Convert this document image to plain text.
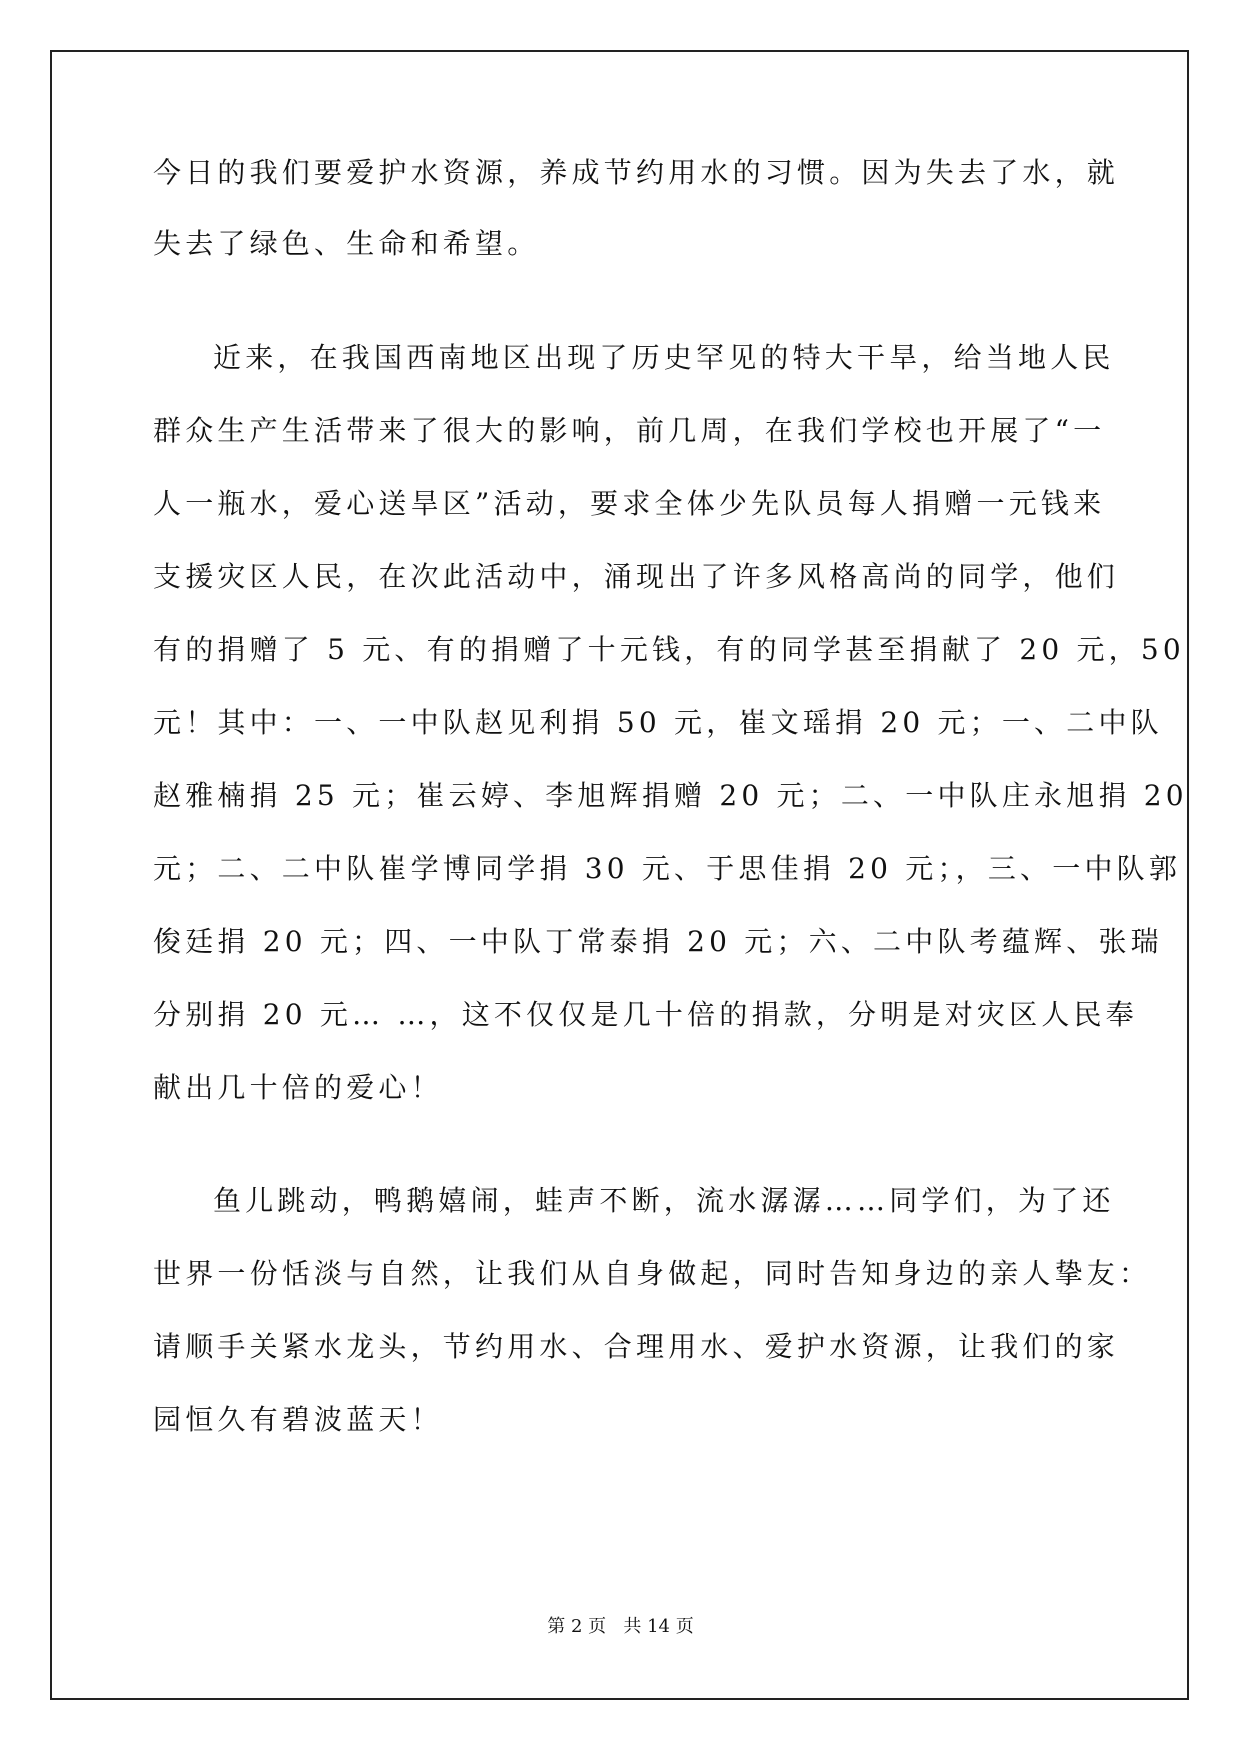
今日的我们要爱护水资源，养成节约用水的习惯。因为失去了水，就

失去了绿色、生命和希望。

近来，在我国西南地区出现了历史罕见的特大干旱，给当地人民

群众生产生活带来了很大的影响，前几周，在我们学校也开展了“一

人一瓶水，爱心送旱区”活动，要求全体少先队员每人捐赠一元钱来

支援灾区人民，在次此活动中，涌现出了许多风格高尚的同学，他们

有的捐赠了 5 元、有的捐赠了十元钱，有的同学甚至捐献了 20 元，50

元！其中：一、一中队赵见利捐 50 元，崔文瑶捐 20 元；一、二中队

赵雅楠捐 25 元；崔云婷、李旭辉捐赠 20 元；二、一中队庄永旭捐 20

元；二、二中队崔学博同学捐 30 元、于思佳捐 20 元；，三、一中队郭

俊廷捐 20 元；四、一中队丁常泰捐 20 元；六、二中队考蕴辉、张瑞

分别捐 20 元… …，这不仅仅是几十倍的捐款，分明是对灾区人民奉

献出几十倍的爱心！

鱼儿跳动，鸭鹅嬉闹，蛙声不断，流水潺潺……同学们，为了还

世界一份恬淡与自然，让我们从自身做起，同时告知身边的亲人挚友：

请顺手关紧水龙头，节约用水、合理用水、爱护水资源，让我们的家

园恒久有碧波蓝天！

第 2 页   共 14 页
